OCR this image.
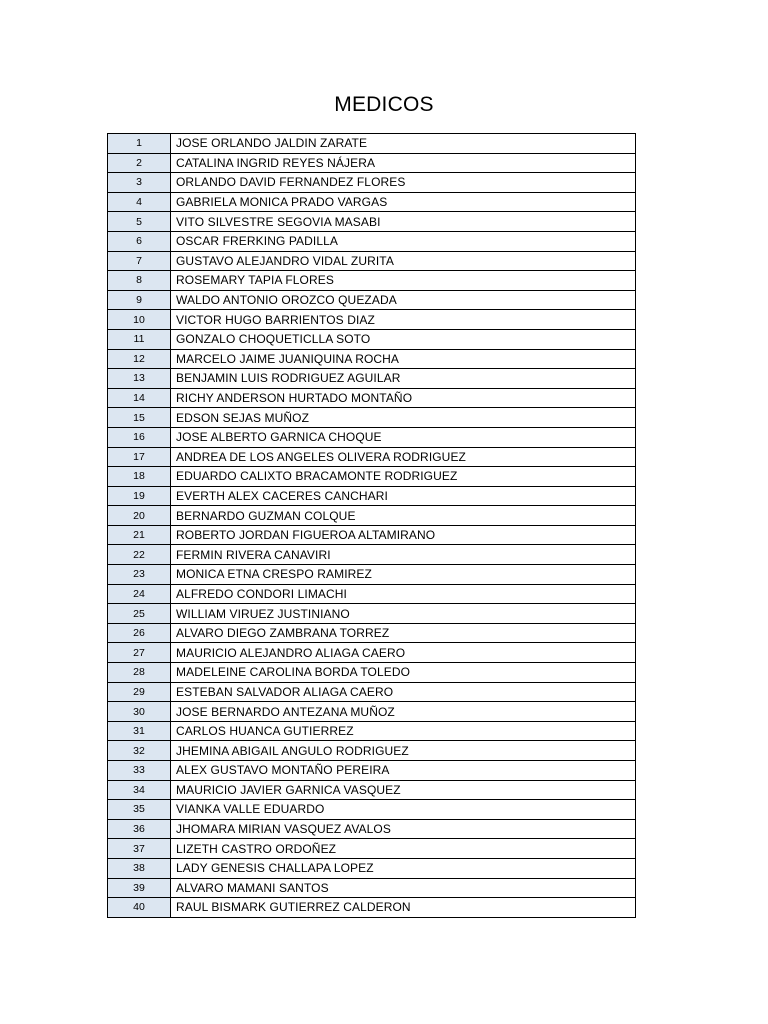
MEDICOS
1	JOSE ORLANDO JALDIN ZARATE
2	CATALINA INGRID REYES NÁJERA
3	ORLANDO DAVID FERNANDEZ FLORES
4	GABRIELA MONICA PRADO VARGAS
5	VITO SILVESTRE SEGOVIA MASABI
6	OSCAR FRERKING PADILLA
7	GUSTAVO ALEJANDRO VIDAL ZURITA
8	ROSEMARY TAPIA FLORES
9	WALDO ANTONIO OROZCO QUEZADA
10	VICTOR HUGO BARRIENTOS DIAZ
11	GONZALO CHOQUETICLLA SOTO
12	MARCELO JAIME JUANIQUINA ROCHA
13	BENJAMIN LUIS RODRIGUEZ AGUILAR
14	RICHY ANDERSON HURTADO MONTAÑO
15	EDSON SEJAS MUÑOZ
16	JOSE ALBERTO GARNICA CHOQUE
17	ANDREA DE LOS ANGELES OLIVERA RODRIGUEZ
18	EDUARDO CALIXTO BRACAMONTE RODRIGUEZ
19	EVERTH ALEX CACERES CANCHARI
20	BERNARDO GUZMAN COLQUE
21	ROBERTO JORDAN FIGUEROA ALTAMIRANO
22	FERMIN RIVERA CANAVIRI
23	MONICA ETNA CRESPO RAMIREZ
24	ALFREDO CONDORI LIMACHI
25	WILLIAM VIRUEZ JUSTINIANO
26	ALVARO DIEGO ZAMBRANA TORREZ
27	MAURICIO ALEJANDRO ALIAGA CAERO
28	MADELEINE CAROLINA BORDA TOLEDO
29	ESTEBAN SALVADOR ALIAGA CAERO
30	JOSE BERNARDO ANTEZANA MUÑOZ
31	CARLOS HUANCA GUTIERREZ
32	JHEMINA ABIGAIL ANGULO RODRIGUEZ
33	ALEX GUSTAVO MONTAÑO PEREIRA
34	MAURICIO JAVIER GARNICA VASQUEZ
35	VIANKA VALLE EDUARDO
36	JHOMARA MIRIAN VASQUEZ AVALOS
37	LIZETH CASTRO ORDOÑEZ
38	LADY GENESIS CHALLAPA LOPEZ
39	ALVARO MAMANI SANTOS
40	RAUL BISMARK GUTIERREZ CALDERON
